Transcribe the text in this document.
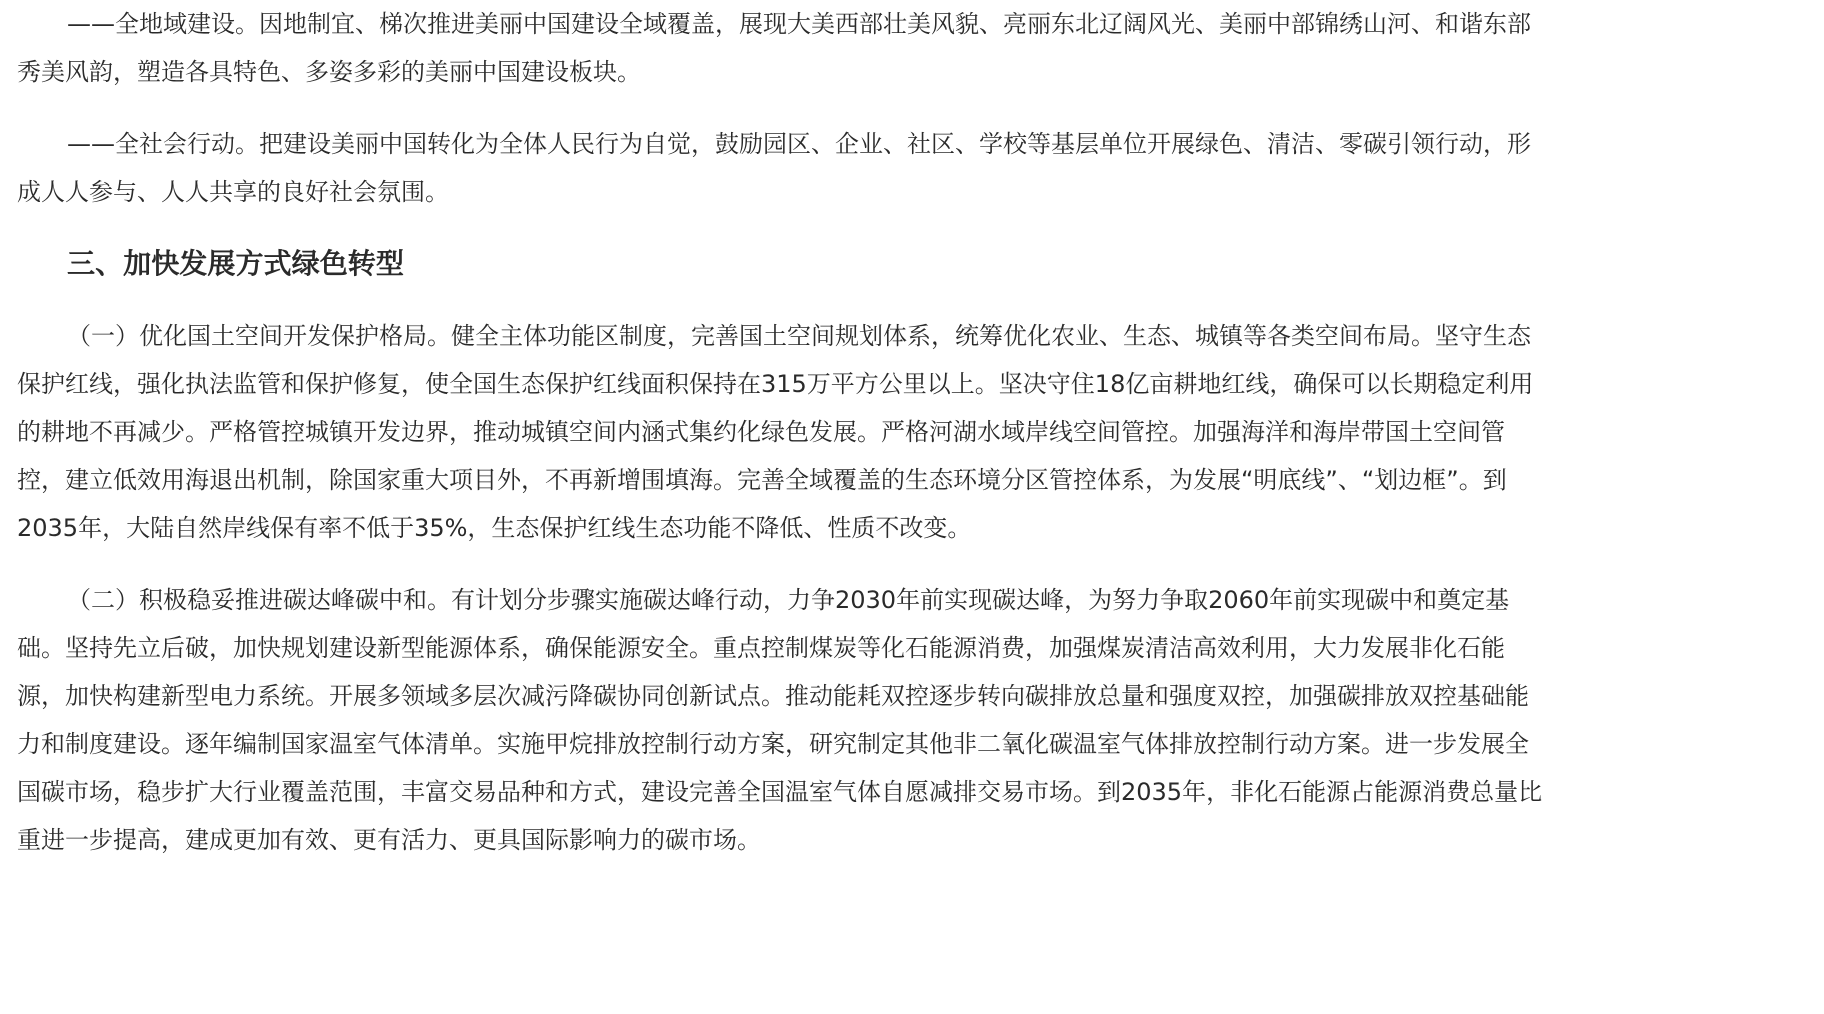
——全地域建设。因地制宜、梯次推进美丽中国建设全域覆盖，展现大美西部壮美风貌、亮丽东北辽阔风光、美丽中部锦绣山河、和谐东部秀美风韵，塑造各具特色、多姿多彩的美丽中国建设板块。

——全社会行动。把建设美丽中国转化为全体人民行为自觉，鼓励园区、企业、社区、学校等基层单位开展绿色、清洁、零碳引领行动，形成人人参与、人人共享的良好社会氛围。

三、加快发展方式绿色转型

（一）优化国土空间开发保护格局。健全主体功能区制度，完善国土空间规划体系，统筹优化农业、生态、城镇等各类空间布局。坚守生态保护红线，强化执法监管和保护修复，使全国生态保护红线面积保持在315万平方公里以上。坚决守住18亿亩耕地红线，确保可以长期稳定利用的耕地不再减少。严格管控城镇开发边界，推动城镇空间内涵式集约化绿色发展。严格河湖水域岸线空间管控。加强海洋和海岸带国土空间管控，建立低效用海退出机制，除国家重大项目外，不再新增围填海。完善全域覆盖的生态环境分区管控体系，为发展“明底线”、“划边框”。到2035年，大陆自然岸线保有率不低于35%，生态保护红线生态功能不降低、性质不改变。

（二）积极稳妥推进碳达峰碳中和。有计划分步骤实施碳达峰行动，力争2030年前实现碳达峰，为努力争取2060年前实现碳中和奠定基础。坚持先立后破，加快规划建设新型能源体系，确保能源安全。重点控制煤炭等化石能源消费，加强煤炭清洁高效利用，大力发展非化石能源，加快构建新型电力系统。开展多领域多层次减污降碳协同创新试点。推动能耗双控逐步转向碳排放总量和强度双控，加强碳排放双控基础能力和制度建设。逐年编制国家温室气体清单。实施甲烷排放控制行动方案，研究制定其他非二氧化碳温室气体排放控制行动方案。进一步发展全国碳市场，稳步扩大行业覆盖范围，丰富交易品种和方式，建设完善全国温室气体自愿减排交易市场。到2035年，非化石能源占能源消费总量比重进一步提高，建成更加有效、更有活力、更具国际影响力的碳市场。
